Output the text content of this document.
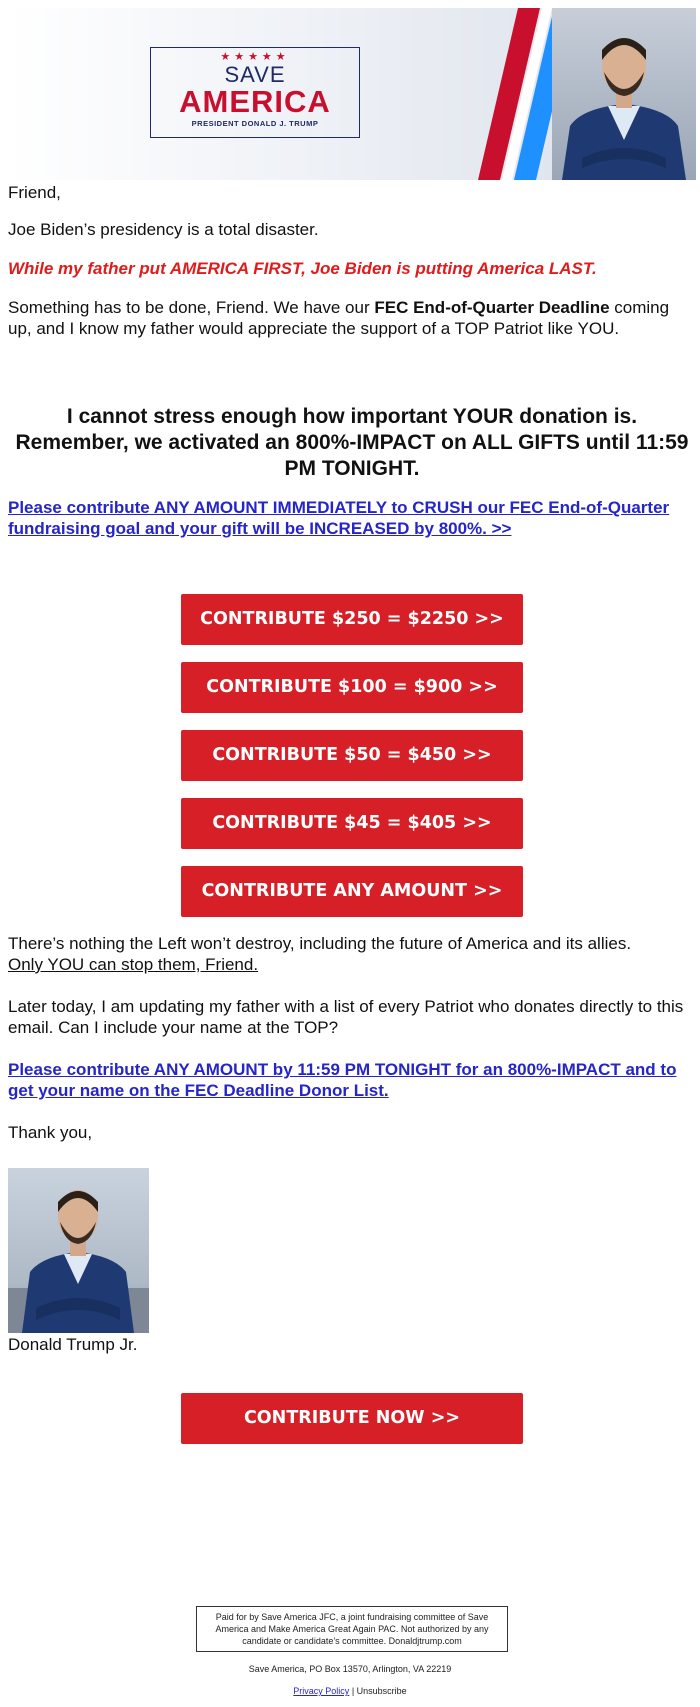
★★★★★
SAVE
AMERICA
PRESIDENT DONALD J. TRUMP

Friend,

Joe Biden’s presidency is a total disaster.

While my father put AMERICA FIRST, Joe Biden is putting America LAST.

Something has to be done, Friend. We have our FEC End-of-Quarter Deadline coming up, and I know my father would appreciate the support of a TOP Patriot like YOU.

I cannot stress enough how important YOUR donation is. Remember, we activated an 800%-IMPACT on ALL GIFTS until 11:59 PM TONIGHT.

Please contribute ANY AMOUNT IMMEDIATELY to CRUSH our FEC End-of-Quarter fundraising goal and your gift will be INCREASED by 800%. >>

CONTRIBUTE $250 = $2250 >>
CONTRIBUTE $100 = $900 >>
CONTRIBUTE $50 = $450 >>
CONTRIBUTE $45 = $405 >>
CONTRIBUTE ANY AMOUNT >>

There’s nothing the Left won’t destroy, including the future of America and its allies.
Only YOU can stop them, Friend.

Later today, I am updating my father with a list of every Patriot who donates directly to this email. Can I include your name at the TOP?

Please contribute ANY AMOUNT by 11:59 PM TONIGHT for an 800%-IMPACT and to get your name on the FEC Deadline Donor List.

Thank you,

Donald Trump Jr.

CONTRIBUTE NOW >>
Paid for by Save America JFC, a joint fundraising committee of Save America and Make America Great Again PAC. Not authorized by any candidate or candidate’s committee. Donaldjtrump.com
Save America, PO Box 13570, Arlington, VA 22219
Privacy Policy | Unsubscribe
